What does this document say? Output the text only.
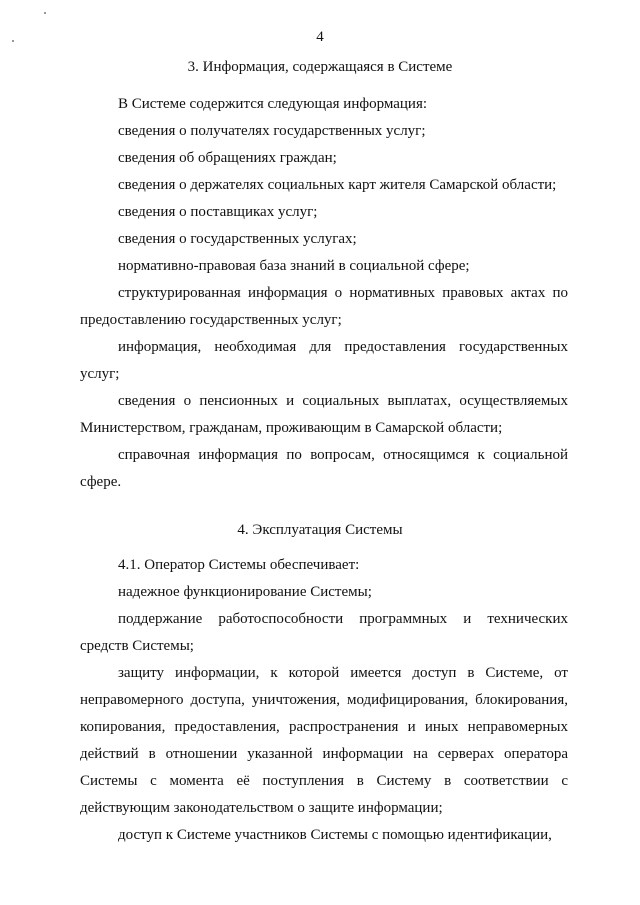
4
3. Информация, содержащаяся в Системе

В Системе содержится следующая информация:

сведения о получателях государственных услуг;

сведения об обращениях граждан;

сведения о держателях социальных карт жителя Самарской области;

сведения о поставщиках услуг;

сведения о государственных услугах;

нормативно-правовая база знаний в социальной сфере;

структурированная информация о нормативных правовых актах по предоставлению государственных услуг;

информация, необходимая для предоставления государственных услуг;

сведения о пенсионных и социальных выплатах, осуществляемых Министерством, гражданам, проживающим в Самарской области;

справочная информация по вопросам, относящимся к социальной сфере.

4. Эксплуатация Системы

4.1. Оператор Системы обеспечивает:

надежное функционирование Системы;

поддержание работоспособности программных и технических средств Системы;

защиту информации, к которой имеется доступ в Системе, от неправомерного доступа, уничтожения, модифицирования, блокирования, копирования, предоставления, распространения и иных неправомерных действий в отношении указанной информации на серверах оператора Системы с момента её поступления в Систему в соответствии с действующим законодательством о защите информации;

доступ к Системе участников Системы с помощью идентификации,
